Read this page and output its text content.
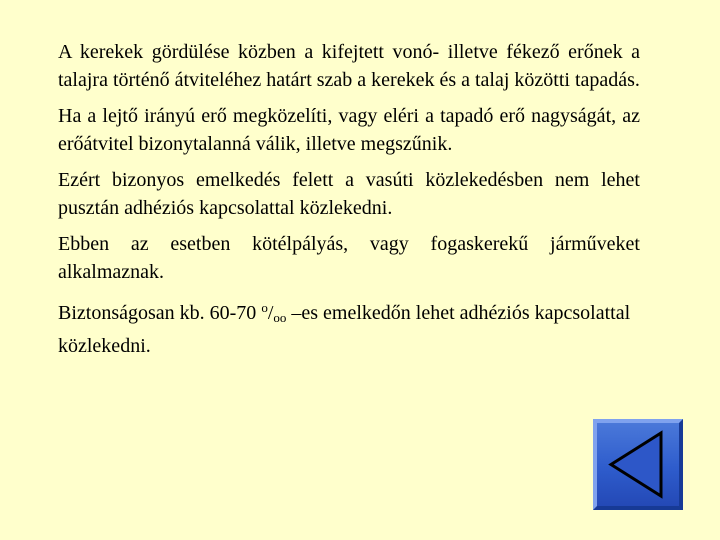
A kerekek gördülése közben a kifejtett vonó- illetve fékező erőnek a talajra történő átviteléhez határt szab a kerekek és a talaj közötti tapadás.

Ha a lejtő irányú erő megközelíti, vagy eléri a tapadó erő nagyságát, az erőátvitel bizonytalanná válik, illetve megszűnik.

Ezért bizonyos emelkedés felett a vasúti közlekedésben nem lehet pusztán adhéziós kapcsolattal közlekedni.

Ebben az esetben kötélpályás, vagy fogaskerekű járműveket alkalmaznak.

Biztonságosan kb. 60-70 $^o/_{oo}$ –es emelkedőn lehet adhéziós kapcsolattal közlekedni.
